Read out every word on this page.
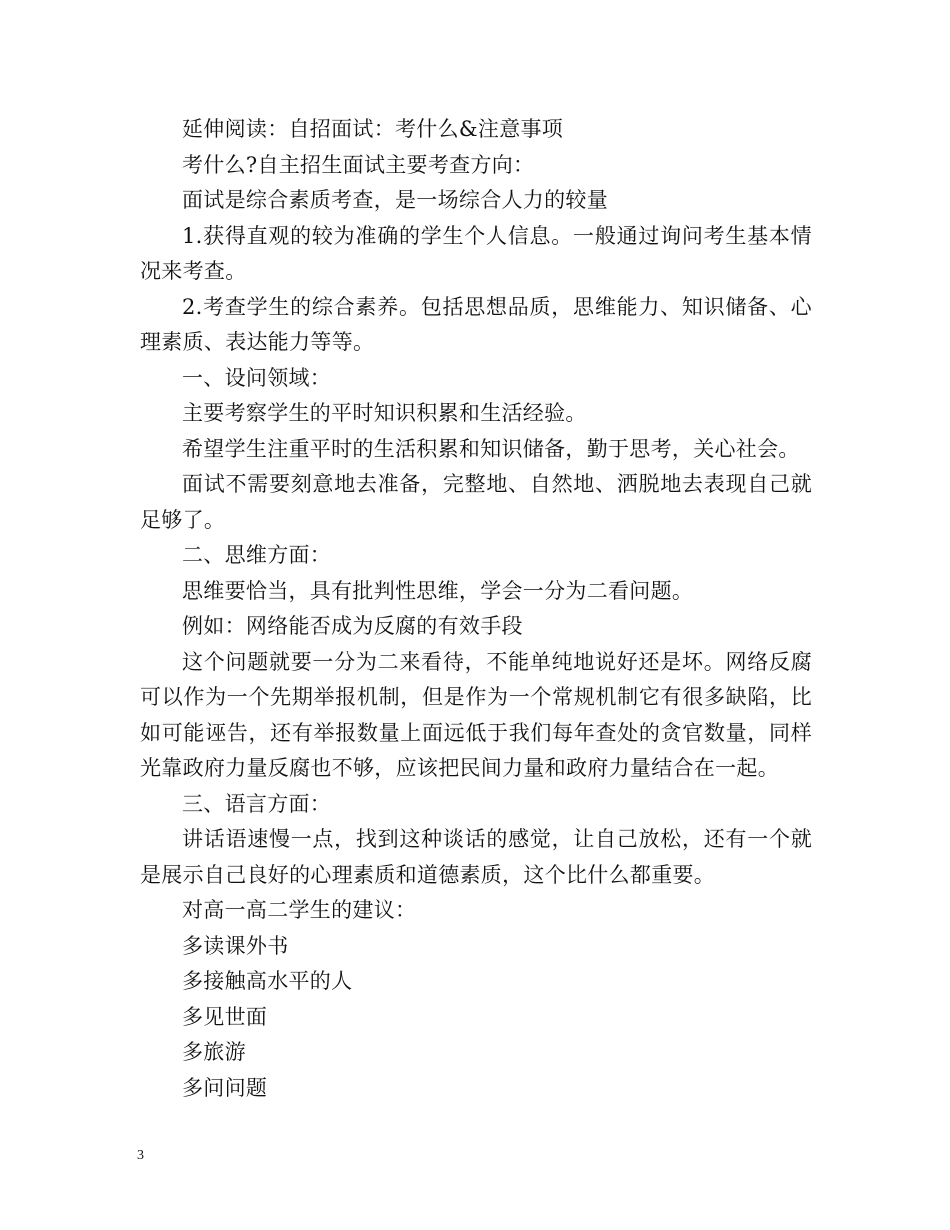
延伸阅读：自招面试：考什么&注意事项

考什么?自主招生面试主要考查方向：

面试是综合素质考查，是一场综合人力的较量

1.获得直观的较为准确的学生个人信息。一般通过询问考生基本情况来考查。

2.考查学生的综合素养。包括思想品质，思维能力、知识储备、心理素质、表达能力等等。

一、设问领域：

主要考察学生的平时知识积累和生活经验。

希望学生注重平时的生活积累和知识储备，勤于思考，关心社会。

面试不需要刻意地去准备，完整地、自然地、洒脱地去表现自己就足够了。

二、思维方面：

思维要恰当，具有批判性思维，学会一分为二看问题。

例如：网络能否成为反腐的有效手段

这个问题就要一分为二来看待，不能单纯地说好还是坏。网络反腐可以作为一个先期举报机制，但是作为一个常规机制它有很多缺陷，比如可能诬告，还有举报数量上面远低于我们每年查处的贪官数量，同样光靠政府力量反腐也不够，应该把民间力量和政府力量结合在一起。

三、语言方面：

讲话语速慢一点，找到这种谈话的感觉，让自己放松，还有一个就是展示自己良好的心理素质和道德素质，这个比什么都重要。

对高一高二学生的建议：

多读课外书

多接触高水平的人

多见世面

多旅游

多问问题

3
